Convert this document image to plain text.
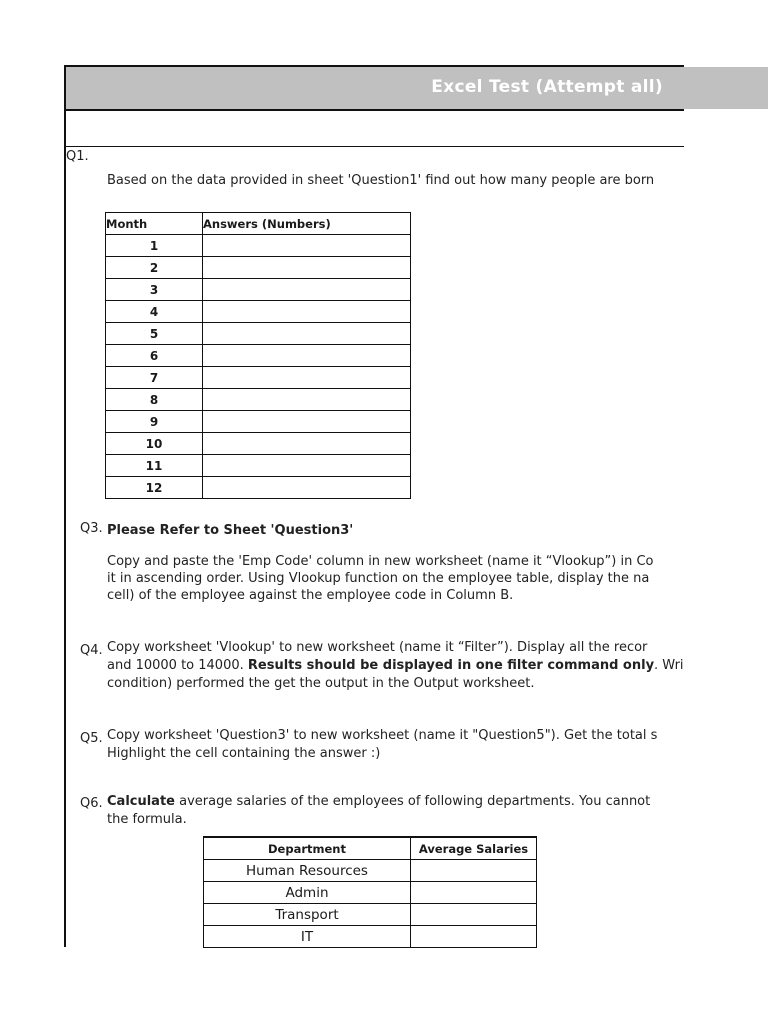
Excel Test (Attempt all)
Q1.
Based on the data provided in sheet 'Question1' find out how many people are born
Month	Answers (Numbers)
1	
2	
3	
4	
5	
6	
7	
8	
9	
10	
11	
12	
Q3. Please Refer to Sheet 'Question3'
Copy and paste the 'Emp Code' column in new worksheet (name it “Vlookup”) in Co
it in ascending order. Using Vlookup function on the employee table, display the na
cell) of the employee against the employee code in Column B.
Q4. Copy worksheet 'Vlookup' to new worksheet (name it “Filter”). Display all the recor
and 10000 to 14000. Results should be displayed in one filter command only. Wri
condition) performed the get the output in the Output worksheet.
Q5. Copy worksheet 'Question3' to new worksheet (name it "Question5"). Get the total s
Highlight the cell containing the answer :)
Q6. Calculate average salaries of the employees of following departments. You cannot
the formula.
Department	Average Salaries
Human Resources	
Admin	
Transport	
IT	
